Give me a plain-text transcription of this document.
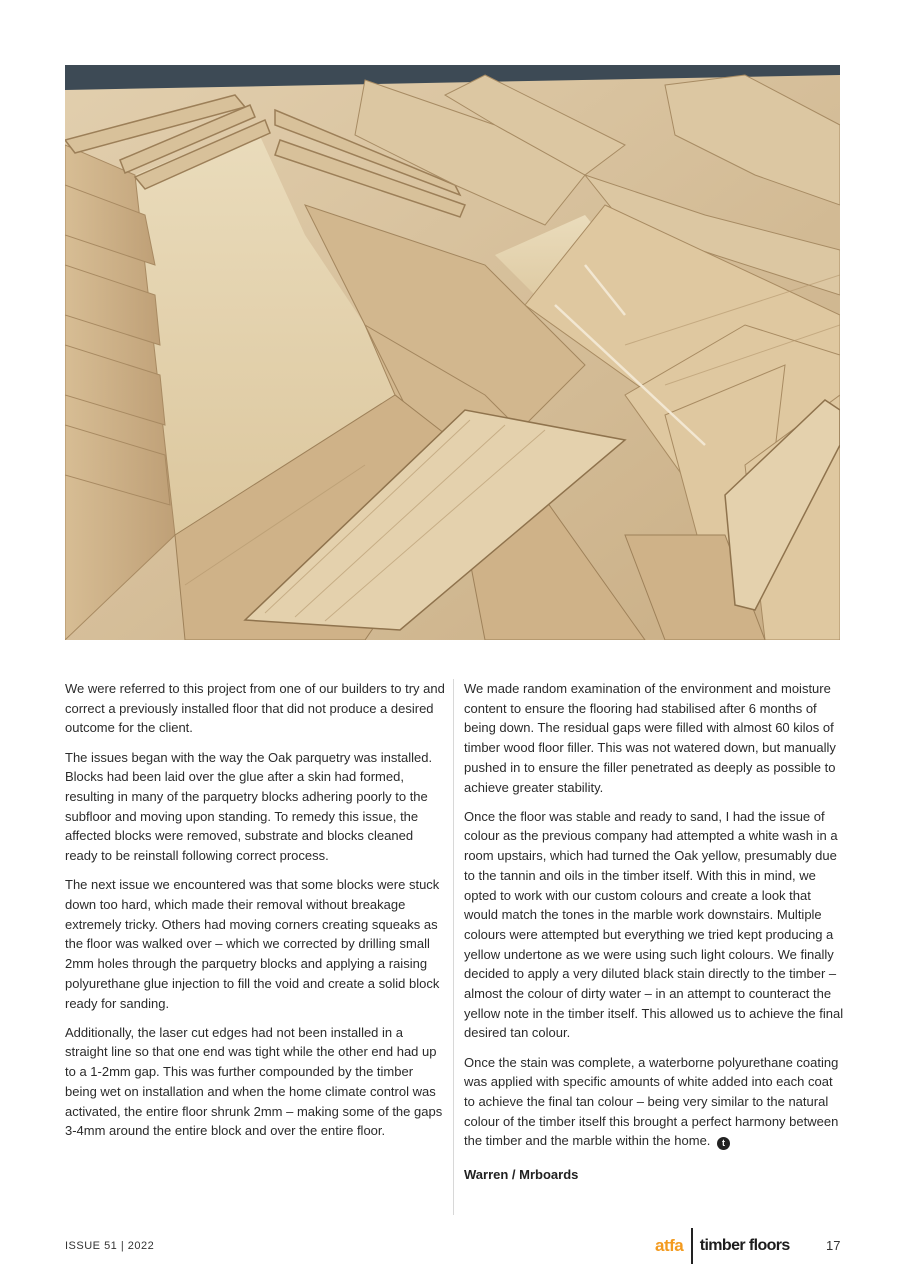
We were referred to this project from one of our builders to try and correct a previously installed floor that did not produce a desired outcome for the client.

The issues began with the way the Oak parquetry was installed. Blocks had been laid over the glue after a skin had formed, resulting in many of the parquetry blocks adhering poorly to the subfloor and moving upon standing. To remedy this issue, the affected blocks were removed, substrate and blocks cleaned ready to be reinstall following correct process.

The next issue we encountered was that some blocks were stuck down too hard, which made their removal without breakage extremely tricky. Others had moving corners creating squeaks as the floor was walked over – which we corrected by drilling small 2mm holes through the parquetry blocks and applying a raising polyurethane glue injection to fill the void and create a solid block ready for sanding.

Additionally, the laser cut edges had not been installed in a straight line so that one end was tight while the other end had up to a 1-2mm gap. This was further compounded by the timber being wet on installation and when the home climate control was activated, the entire floor shrunk 2mm – making some of the gaps 3-4mm around the entire block and over the entire floor.

We made random examination of the environment and moisture content to ensure the flooring had stabilised after 6 months of being down. The residual gaps were filled with almost 60 kilos of timber wood floor filler. This was not watered down, but manually pushed in to ensure the filler penetrated as deeply as possible to achieve greater stability.

Once the floor was stable and ready to sand, I had the issue of colour as the previous company had attempted a white wash in a room upstairs, which had turned the Oak yellow, presumably due to the tannin and oils in the timber itself. With this in mind, we opted to work with our custom colours and create a look that would match the tones in the marble work downstairs. Multiple colours were attempted but everything we tried kept producing a yellow undertone as we were using such light colours. We finally decided to apply a very diluted black stain directly to the timber – almost the colour of dirty water – in an attempt to counteract the yellow note in the timber itself. This allowed us to achieve the final desired tan colour.

Once the stain was complete, a waterborne polyurethane coating was applied with specific amounts of white added into each coat to achieve the final tan colour – being very similar to the natural colour of the timber itself this brought a perfect harmony between the timber and the marble within the home. t

Warren / Mrboards

ISSUE 51 | 2022	atfa timber floors	17
